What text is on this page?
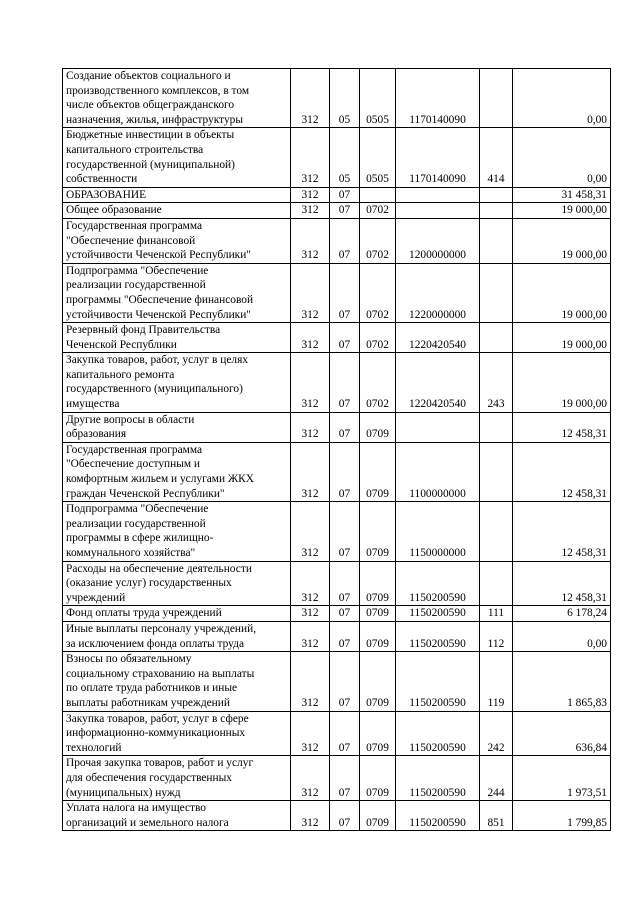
Создание объектов социального и
производственного комплексов, в том
числе объектов общегражданского
назначения, жилья, инфраструктуры	312	05	0505	1170140090		0,00
Бюджетные инвестиции в объекты
капитального строительства
государственной (муниципальной)
собственности	312	05	0505	1170140090	414	0,00
ОБРАЗОВАНИЕ	312	07				31 458,31
Общее образование	312	07	0702			19 000,00
Государственная программа
"Обеспечение финансовой
устойчивости Чеченской Республики"	312	07	0702	1200000000		19 000,00
Подпрограмма "Обеспечение
реализации государственной
программы "Обеспечение финансовой
устойчивости Чеченской Республики"	312	07	0702	1220000000		19 000,00
Резервный фонд Правительства
Чеченской Республики	312	07	0702	1220420540		19 000,00
Закупка товаров, работ, услуг в целях
капитального ремонта
государственного (муниципального)
имущества	312	07	0702	1220420540	243	19 000,00
Другие вопросы в области
образования	312	07	0709			12 458,31
Государственная программа
"Обеспечение доступным и
комфортным жильем и услугами ЖКХ
граждан Чеченской Республики"	312	07	0709	1100000000		12 458,31
Подпрограмма "Обеспечение
реализации государственной
программы в сфере жилищно-
коммунального хозяйства"	312	07	0709	1150000000		12 458,31
Расходы на обеспечение деятельности
(оказание услуг) государственных
учреждений	312	07	0709	1150200590		12 458,31
Фонд оплаты труда учреждений	312	07	0709	1150200590	111	6 178,24
Иные выплаты персоналу учреждений,
за исключением фонда оплаты труда	312	07	0709	1150200590	112	0,00
Взносы по обязательному
социальному страхованию на выплаты
по оплате труда работников и иные
выплаты работникам учреждений	312	07	0709	1150200590	119	1 865,83
Закупка товаров, работ, услуг в сфере
информационно-коммуникационных
технологий	312	07	0709	1150200590	242	636,84
Прочая закупка товаров, работ и услуг
для обеспечения государственных
(муниципальных) нужд	312	07	0709	1150200590	244	1 973,51
Уплата налога на имущество
организаций и земельного налога	312	07	0709	1150200590	851	1 799,85
